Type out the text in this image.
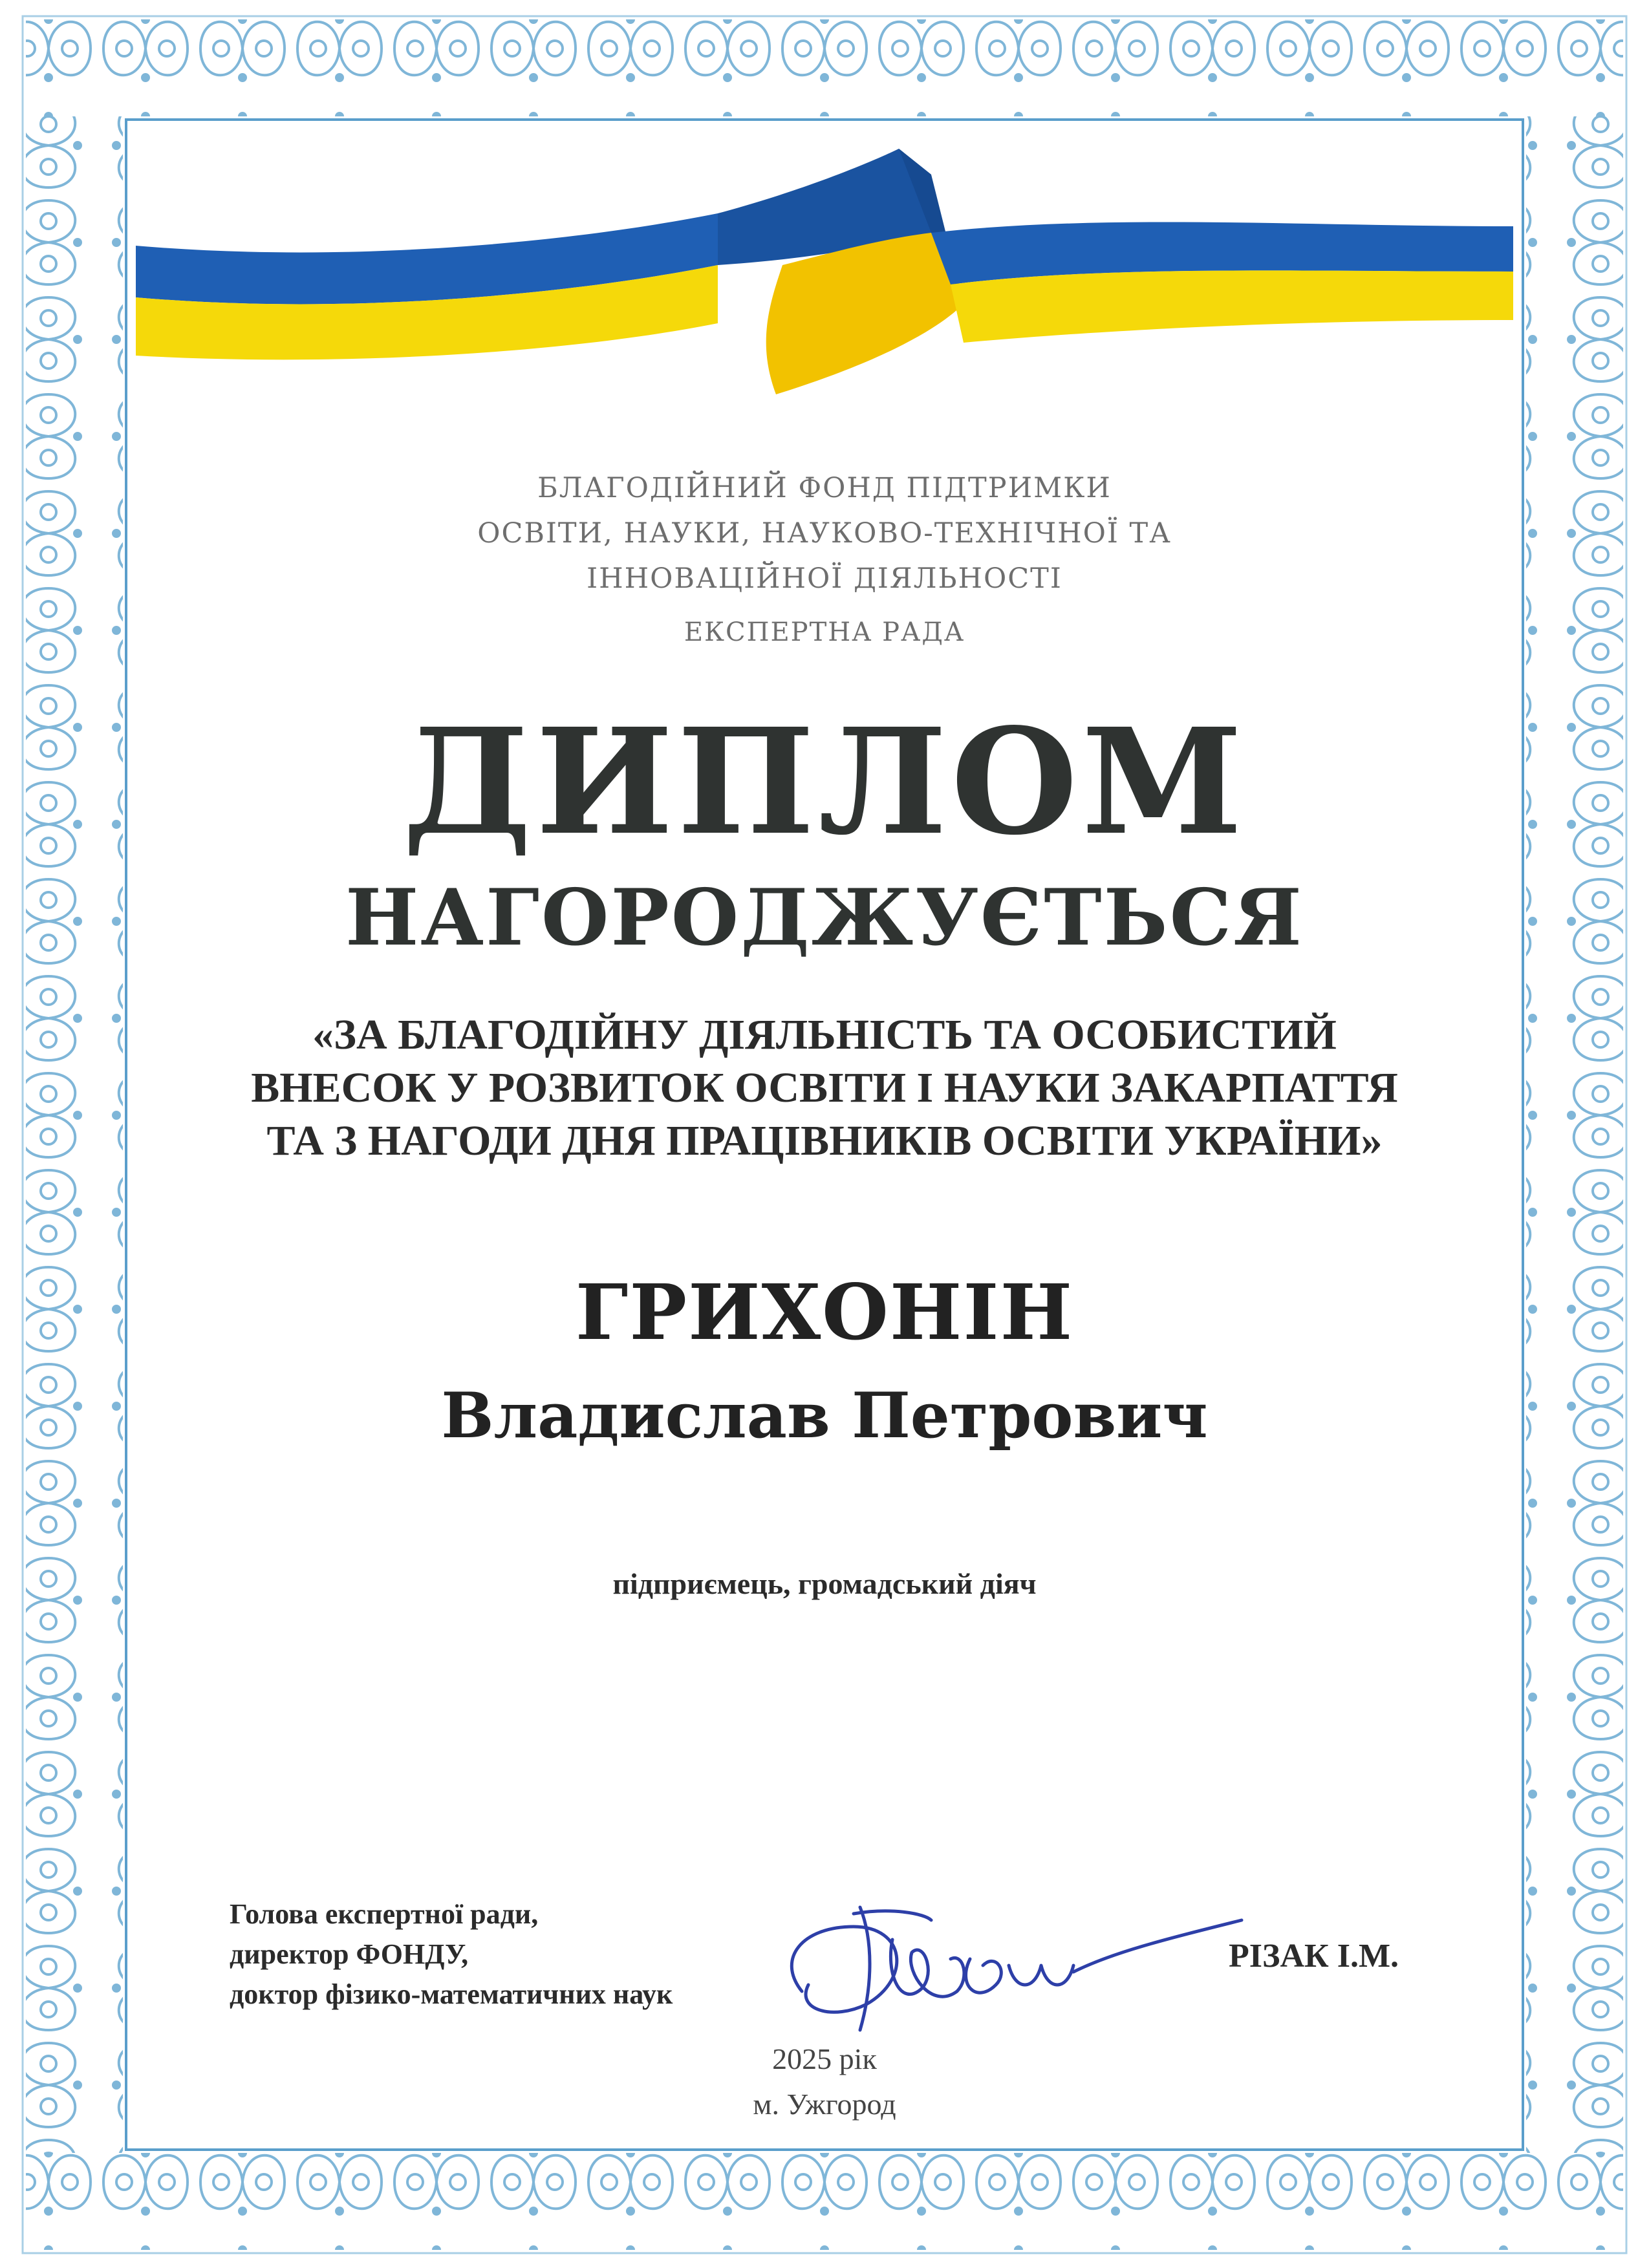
БЛАГОДІЙНИЙ ФОНД ПІДТРИМКИ
ОСВІТИ, НАУКИ, НАУКОВО-ТЕХНІЧНОЇ ТА
ІННОВАЦІЙНОЇ ДІЯЛЬНОСТІ
ЕКСПЕРТНА РАДА
ДИПЛОМ
НАГОРОДЖУЄТЬСЯ
«ЗА БЛАГОДІЙНУ ДІЯЛЬНІСТЬ ТА ОСОБИСТИЙ
ВНЕСОК У РОЗВИТОК ОСВІТИ І НАУКИ ЗАКАРПАТТЯ
ТА З НАГОДИ ДНЯ ПРАЦІВНИКІВ ОСВІТИ УКРАЇНИ»
ГРИХОНІН
Владислав Петрович
підприємець, громадський діяч
Голова експертної ради,
директор ФОНДУ,
доктор фізико-математичних наук
РІЗАК І.М.
2025 рік
м. Ужгород
